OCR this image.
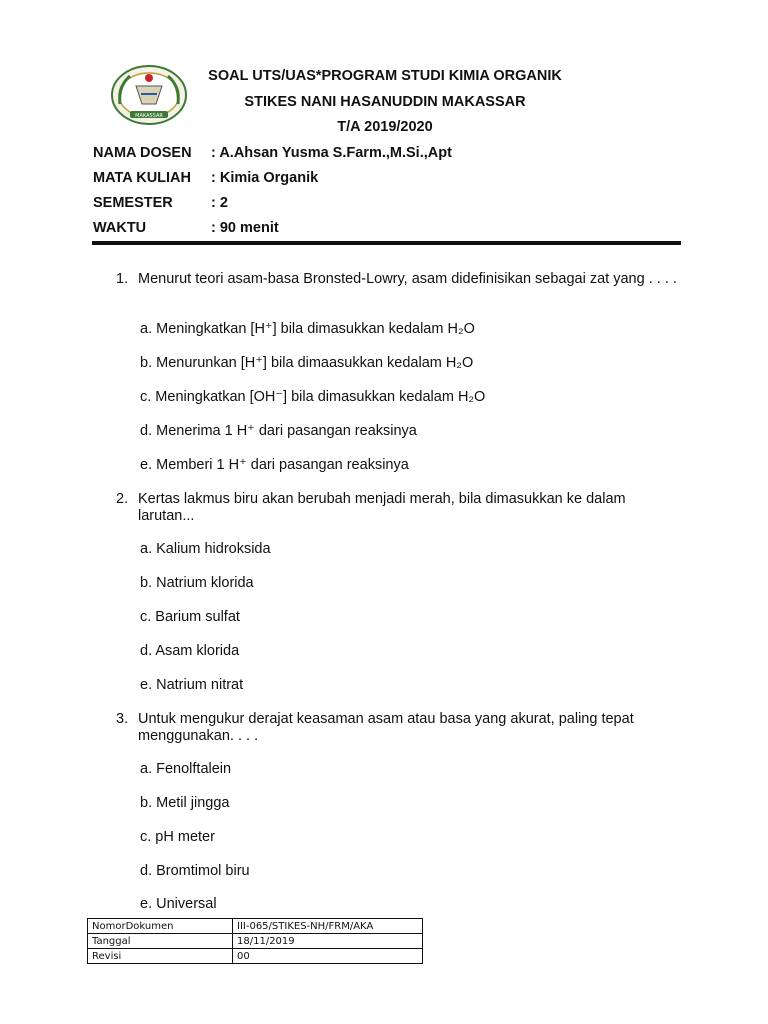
MAKASSAR
SOAL UTS/UAS*PROGRAM STUDI KIMIA ORGANIK
STIKES NANI HASANUDDIN MAKASSAR
T/A 2019/2020
NAMA DOSEN : A.Ahsan Yusma S.Farm.,M.Si.,Apt
MATA KULIAH : Kimia Organik
SEMESTER	: 2
WAKTU	: 90 menit
1. Menurut teori asam-basa Bronsted-Lowry, asam didefinisikan sebagai zat yang . . . .
a. Meningkatkan [H⁺] bila dimasukkan kedalam H₂O
b. Menurunkan [H⁺] bila dimaasukkan kedalam H₂O
c. Meningkatkan [OH⁻] bila dimasukkan kedalam H₂O
d. Menerima 1 H⁺ dari pasangan reaksinya
e. Memberi 1 H⁺ dari pasangan reaksinya
2. Kertas lakmus biru akan berubah menjadi merah, bila dimasukkan ke dalam larutan...
a. Kalium hidroksida
b. Natrium klorida
c. Barium sulfat
d. Asam klorida
e. Natrium nitrat
3. Untuk mengukur derajat keasaman asam atau basa yang akurat, paling tepat menggunakan. . . .
a. Fenolftalein
b. Metil jingga
c. pH meter
d. Bromtimol biru
e. Universal
NomorDokumen	III-065/STIKES-NH/FRM/AKA
Tanggal	18/11/2019
Revisi	00
